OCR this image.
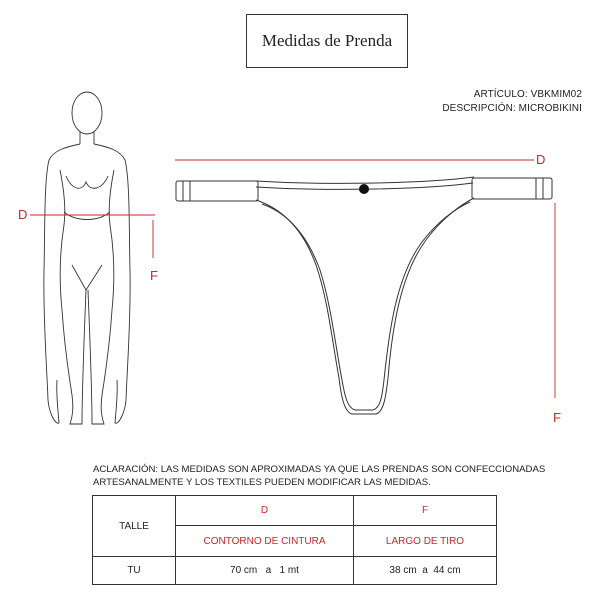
Medidas de Prenda
ARTÍCULO: VBKMIM02
DESCRIPCIÓN: MICROBIKINI
D
F
D
F
ACLARACIÓN: LAS MEDIDAS SON APROXIMADAS YA QUE LAS PRENDAS SON CONFECCIONADAS ARTESANALMENTE Y LOS TEXTILES PUEDEN MODIFICAR LAS MEDIDAS.
TALLE	D	F
	CONTORNO DE CINTURA	LARGO DE TIRO
TU	70 cm   a   1 mt	38 cm  a  44 cm
